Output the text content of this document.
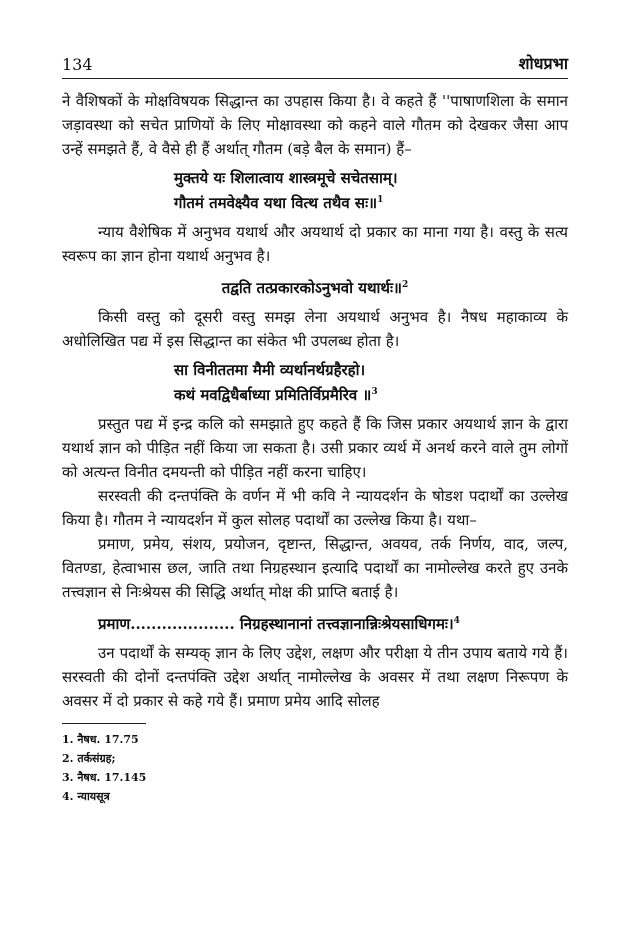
134	शोधप्रभा

ने वैशिषकों के मोक्षविषयक सिद्धान्त का उपहास किया है। वे कहते हैं ''पाषाणशिला के समान जड़ावस्था को सचेत प्राणियों के लिए मोक्षावस्था को कहने वाले गौतम को देखकर जैसा आप उन्हें समझते हैं, वे वैसे ही हैं अर्थात् गौतम (बड़े बैल के समान) हैं–

मुक्तये यः शिलात्वाय शास्त्रमूचे सचेतसाम्।
गौतमं तमवेक्ष्यैव यथा वित्थ तथैव सः॥$^1$

न्याय वैशेषिक में अनुभव यथार्थ और अयथार्थ दो प्रकार का माना गया है। वस्तु के सत्य स्वरूप का ज्ञान होना यथार्थ अनुभव है।

तद्वति तत्प्रकारकोऽनुभवो यथार्थः॥$^2$

किसी वस्तु को दूसरी वस्तु समझ लेना अयथार्थ अनुभव है। नैषध महाकाव्य के अधोलिखित पद्य में इस सिद्धान्त का संकेत भी उपलब्ध होता है।

सा विनीततमा मैमी व्यर्थानर्थग्रहैरहो।
कथं मवद्विधैर्बाध्या प्रमितिर्विप्रमैरिव ॥$^3$

प्रस्तुत पद्य में इन्द्र कलि को समझाते हुए कहते हैं कि जिस प्रकार अयथार्थ ज्ञान के द्वारा यथार्थ ज्ञान को पीड़ित नहीं किया जा सकता है। उसी प्रकार व्यर्थ में अनर्थ करने वाले तुम लोगों को अत्यन्त विनीत दमयन्ती को पीड़ित नहीं करना चाहिए।

सरस्वती की दन्तपंक्ति के वर्णन में भी कवि ने न्यायदर्शन के षोडश पदार्थों का उल्लेख किया है। गौतम ने न्यायदर्शन में कुल सोलह पदार्थों का उल्लेख किया है। यथा–

प्रमाण, प्रमेय, संशय, प्रयोजन, दृष्टान्त, सिद्धान्त, अवयव, तर्क निर्णय, वाद, जल्प, वितण्डा, हेत्वाभास छल, जाति तथा निग्रहस्थान इत्यादि पदार्थों का नामोल्लेख करते हुए उनके तत्त्वज्ञान से निःश्रेयस की सिद्धि अर्थात् मोक्ष की प्राप्ति बताई है।

प्रमाण.................... निग्रहस्थानानां तत्त्वज्ञानान्निःश्रेयसाधिगमः।$^4$

उन पदार्थों के सम्यक् ज्ञान के लिए उद्देश, लक्षण और परीक्षा ये तीन उपाय बताये गये हैं। सरस्वती की दोनों दन्तपंक्ति उद्देश अर्थात् नामोल्लेख के अवसर में तथा लक्षण निरूपण के अवसर में दो प्रकार से कहे गये हैं। प्रमाण प्रमेय आदि सोलह

1. नैषध. 17.75
2. तर्कसंग्रह;
3. नैषध. 17.145
4. न्यायसूत्र
